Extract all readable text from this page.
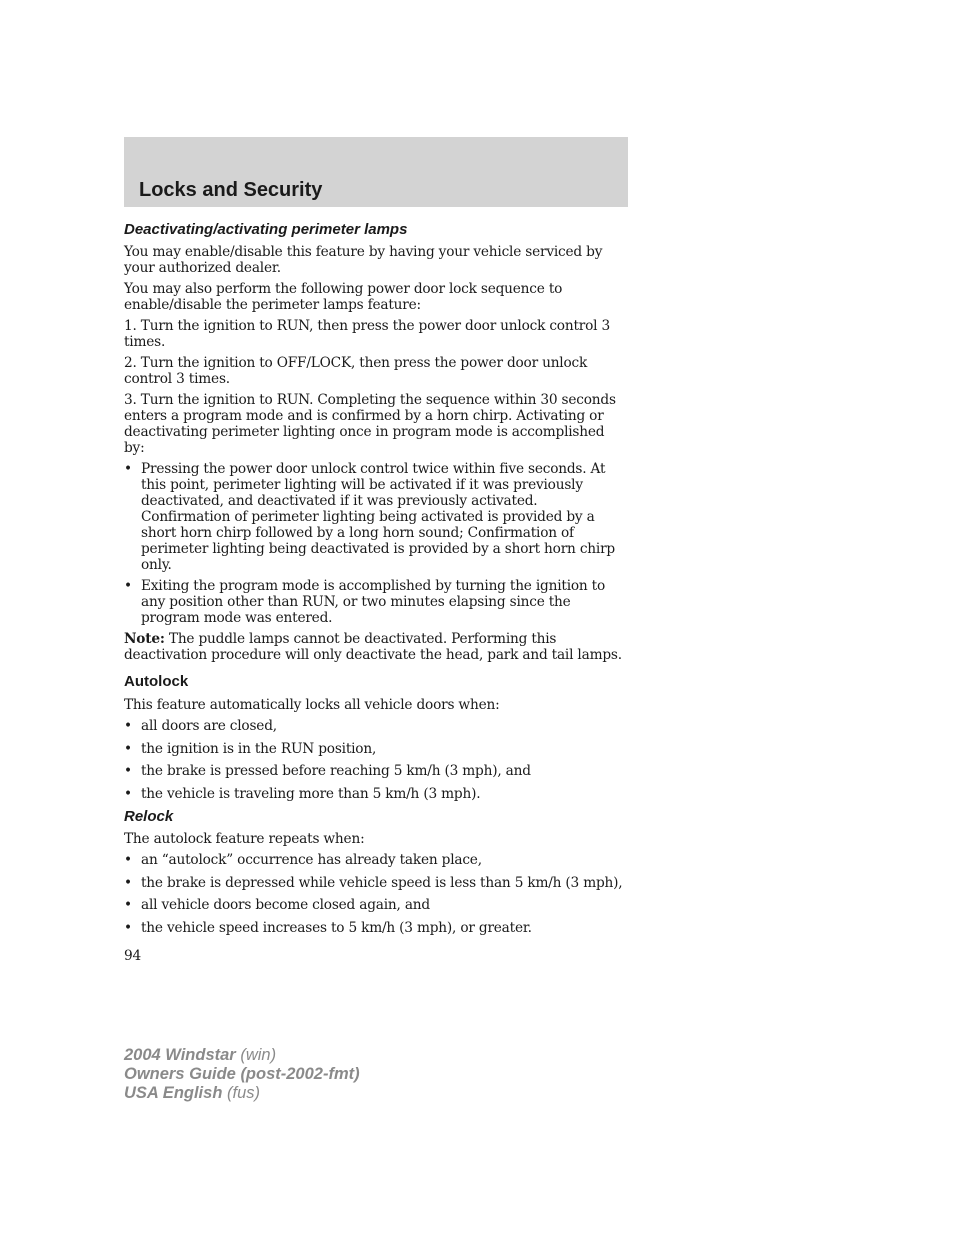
Locks and Security
Deactivating/activating perimeter lamps

You may enable/disable this feature by having your vehicle serviced by your authorized dealer.

You may also perform the following power door lock sequence to enable/disable the perimeter lamps feature:

1. Turn the ignition to RUN, then press the power door unlock control 3 times.

2. Turn the ignition to OFF/LOCK, then press the power door unlock control 3 times.

3. Turn the ignition to RUN. Completing the sequence within 30 seconds enters a program mode and is confirmed by a horn chirp. Activating or deactivating perimeter lighting once in program mode is accomplished by:

• Pressing the power door unlock control twice within five seconds. At this point, perimeter lighting will be activated if it was previously deactivated, and deactivated if it was previously activated. Confirmation of perimeter lighting being activated is provided by a short horn chirp followed by a long horn sound; Confirmation of perimeter lighting being deactivated is provided by a short horn chirp only.
• Exiting the program mode is accomplished by turning the ignition to any position other than RUN, or two minutes elapsing since the program mode was entered.

Note: The puddle lamps cannot be deactivated. Performing this deactivation procedure will only deactivate the head, park and tail lamps.

Autolock

This feature automatically locks all vehicle doors when:

• all doors are closed,
• the ignition is in the RUN position,
• the brake is pressed before reaching 5 km/h (3 mph), and
• the vehicle is traveling more than 5 km/h (3 mph).
Relock

The autolock feature repeats when:

• an “autolock” occurrence has already taken place,
• the brake is depressed while vehicle speed is less than 5 km/h (3 mph),
• all vehicle doors become closed again, and
• the vehicle speed increases to 5 km/h (3 mph), or greater.
94
2004 Windstar (win)
Owners Guide (post-2002-fmt)
USA English (fus)
